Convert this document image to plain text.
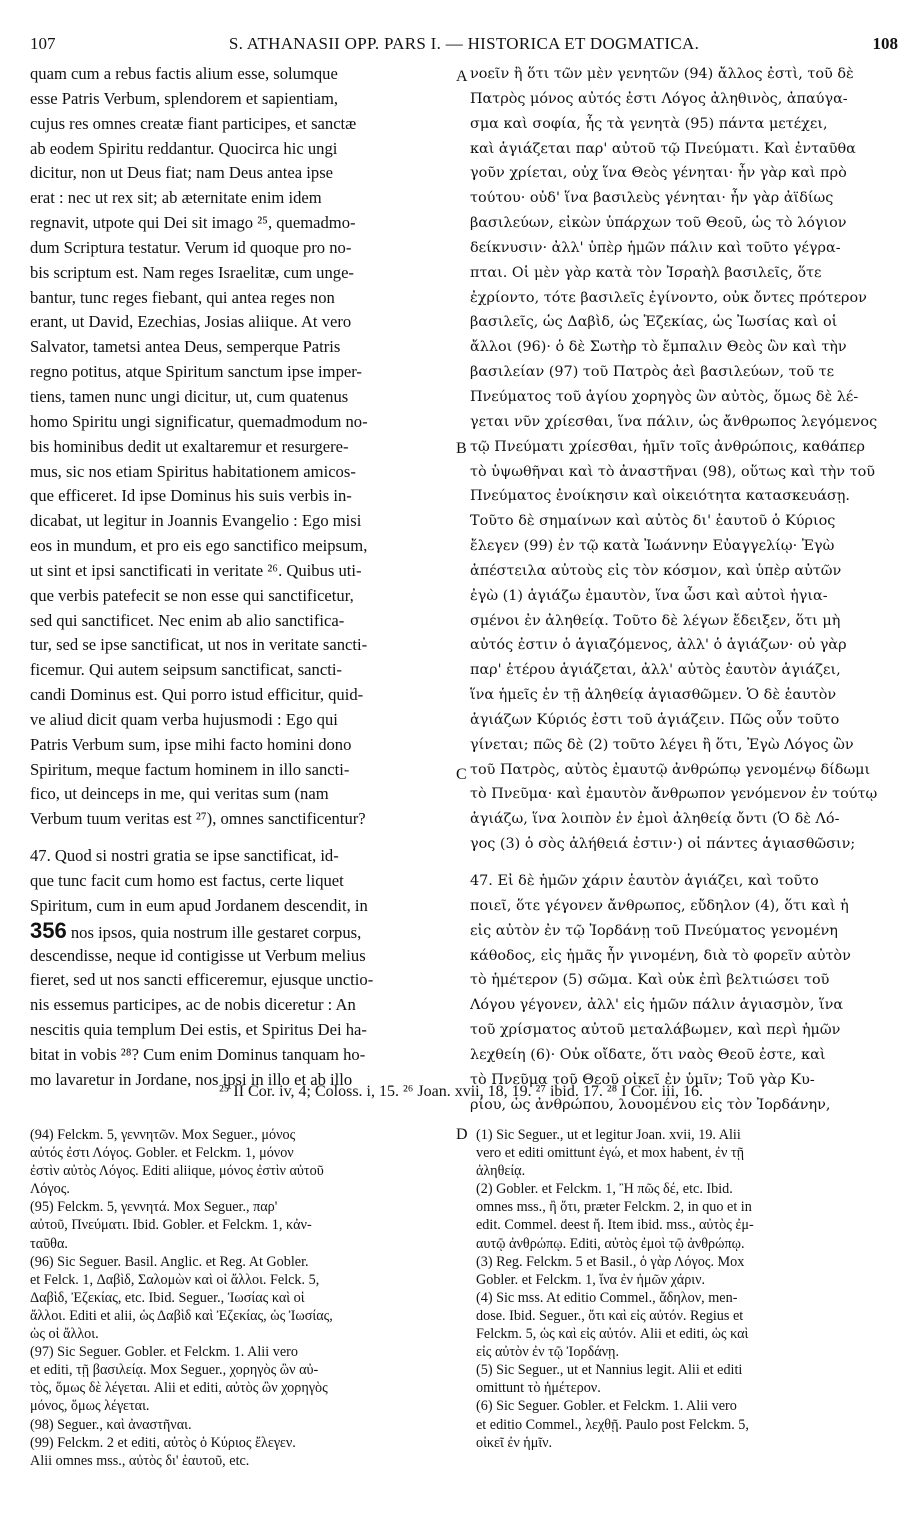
107	S. ATHANASII OPP. PARS I. — HISTORICA ET DOGMATICA.	108
quam cum a rebus factis alium esse, solumque
esse Patris Verbum, splendorem et sapientiam,
cujus res omnes creatæ fiant participes, et sanctæ
ab eodem Spiritu reddantur. Quocirca hic ungi
dicitur, non ut Deus fiat; nam Deus antea ipse
erat : nec ut rex sit; ab æternitate enim idem
regnavit, utpote qui Dei sit imago ²⁵, quemadmo-
dum Scriptura testatur. Verum id quoque pro no-
bis scriptum est. Nam reges Israelitæ, cum unge-
bantur, tunc reges fiebant, qui antea reges non
erant, ut David, Ezechias, Josias aliique. At vero
Salvator, tametsi antea Deus, semperque Patris
regno potitus, atque Spiritum sanctum ipse imper-
tiens, tamen nunc ungi dicitur, ut, cum quatenus
homo Spiritu ungi significatur, quemadmodum no-
bis hominibus dedit ut exaltaremur et resurgere-
mus, sic nos etiam Spiritus habitationem amicos-
que efficeret. Id ipse Dominus his suis verbis in-
dicabat, ut legitur in Joannis Evangelio : Ego misi
eos in mundum, et pro eis ego sanctifico meipsum,
ut sint et ipsi sanctificati in veritate ²⁶. Quibus uti-
que verbis patefecit se non esse qui sanctificetur,
sed qui sanctificet. Nec enim ab alio sanctifica-
tur, sed se ipse sanctificat, ut nos in veritate sancti-
ficemur. Qui autem seipsum sanctificat, sancti-
candi Dominus est. Qui porro istud efficitur, quid-
ve aliud dicit quam verba hujusmodi : Ego qui
Patris Verbum sum, ipse mihi facto homini dono
Spiritum, meque factum hominem in illo sancti-
fico, ut deinceps in me, qui veritas sum (nam
Verbum tuum veritas est ²⁷), omnes sanctificentur?
47. Quod si nostri gratia se ipse sanctificat, id-
que tunc facit cum homo est factus, certe liquet
Spiritum, cum in eum apud Jordanem descendit, in
356 nos ipsos, quia nostrum ille gestaret corpus,
descendisse, neque id contigisse ut Verbum melius
fieret, sed ut nos sancti efficeremur, ejusque unctio-
nis essemus participes, ac de nobis diceretur : An
nescitis quia templum Dei estis, et Spiritus Dei ha-
bitat in vobis ²⁸? Cum enim Dominus tanquam ho-
mo lavaretur in Jordane, nos ipsi in illo et ab illo
νοεῖν ἢ ὅτι τῶν μὲν γενητῶν (94) ἄλλος ἐστὶ, τοῦ δὲ
Πατρὸς μόνος αὐτός ἐστι Λόγος ἀληθινὸς, ἀπαύγα-
σμα καὶ σοφία, ἧς τὰ γενητὰ (95) πάντα μετέχει,
καὶ ἁγιάζεται παρ' αὐτοῦ τῷ Πνεύματι. Καὶ ἐνταῦθα
γοῦν χρίεται, οὐχ ἵνα Θεὸς γένηται· ἦν γὰρ καὶ πρὸ
τούτου· οὐδ' ἵνα βασιλεὺς γένηται· ἦν γὰρ ἀϊδίως
βασιλεύων, εἰκὼν ὑπάρχων τοῦ Θεοῦ, ὡς τὸ λόγιον
δείκνυσιν· ἀλλ' ὑπὲρ ἡμῶν πάλιν καὶ τοῦτο γέγρα-
πται. Οἱ μὲν γὰρ κατὰ τὸν Ἰσραὴλ βασιλεῖς, ὅτε
ἐχρίοντο, τότε βασιλεῖς ἐγίνοντο, οὐκ ὄντες πρότερον
βασιλεῖς, ὡς Δαβὶδ, ὡς Ἐζεκίας, ὡς Ἰωσίας καὶ οἱ
ἄλλοι (96)· ὁ δὲ Σωτὴρ τὸ ἔμπαλιν Θεὸς ὢν καὶ τὴν
βασιλείαν (97) τοῦ Πατρὸς ἀεὶ βασιλεύων, τοῦ τε
Πνεύματος τοῦ ἁγίου χορηγὸς ὢν αὐτὸς, ὅμως δὲ λέ-
γεται νῦν χρίεσθαι, ἵνα πάλιν, ὡς ἄνθρωπος λεγόμενος
τῷ Πνεύματι χρίεσθαι, ἡμῖν τοῖς ἀνθρώποις, καθάπερ
τὸ ὑψωθῆναι καὶ τὸ ἀναστῆναι (98), οὕτως καὶ τὴν τοῦ
Πνεύματος ἐνοίκησιν καὶ οἰκειότητα κατασκευάσῃ.
Τοῦτο δὲ σημαίνων καὶ αὐτὸς δι' ἑαυτοῦ ὁ Κύριος
ἔλεγεν (99) ἐν τῷ κατὰ Ἰωάννην Εὐαγγελίῳ· Ἐγὼ
ἀπέστειλα αὐτοὺς εἰς τὸν κόσμον, καὶ ὑπὲρ αὐτῶν
ἐγὼ (1) ἁγιάζω ἐμαυτὸν, ἵνα ὦσι καὶ αὐτοὶ ἡγια-
σμένοι ἐν ἀληθείᾳ. Τοῦτο δὲ λέγων ἔδειξεν, ὅτι μὴ
αὐτός ἐστιν ὁ ἁγιαζόμενος, ἀλλ' ὁ ἁγιάζων· οὐ γὰρ
παρ' ἑτέρου ἁγιάζεται, ἀλλ' αὐτὸς ἑαυτὸν ἁγιάζει,
ἵνα ἡμεῖς ἐν τῇ ἀληθείᾳ ἁγιασθῶμεν. Ὁ δὲ ἑαυτὸν
ἁγιάζων Κύριός ἐστι τοῦ ἁγιάζειν. Πῶς οὖν τοῦτο
γίνεται; πῶς δὲ (2) τοῦτο λέγει ἢ ὅτι, Ἐγὼ Λόγος ὢν
τοῦ Πατρὸς, αὐτὸς ἐμαυτῷ ἀνθρώπῳ γενομένῳ δίδωμι
τὸ Πνεῦμα· καὶ ἐμαυτὸν ἄνθρωπον γενόμενον ἐν τούτῳ
ἁγιάζω, ἵνα λοιπὸν ἐν ἐμοὶ ἀληθείᾳ ὄντι (Ὁ δὲ Λό-
γος (3) ὁ σὸς ἀλήθειά ἐστιν·) οἱ πάντες ἁγιασθῶσιν;
47. Εἰ δὲ ἡμῶν χάριν ἑαυτὸν ἁγιάζει, καὶ τοῦτο
ποιεῖ, ὅτε γέγονεν ἄνθρωπος, εὔδηλον (4), ὅτι καὶ ἡ
εἰς αὐτὸν ἐν τῷ Ἰορδάνῃ τοῦ Πνεύματος γενομένη
κάθοδος, εἰς ἡμᾶς ἦν γινομένη, διὰ τὸ φορεῖν αὐτὸν
τὸ ἡμέτερον (5) σῶμα. Καὶ οὐκ ἐπὶ βελτιώσει τοῦ
Λόγου γέγονεν, ἀλλ' εἰς ἡμῶν πάλιν ἁγιασμὸν, ἵνα
τοῦ χρίσματος αὐτοῦ μεταλάβωμεν, καὶ περὶ ἡμῶν
λεχθείη (6)· Οὐκ οἴδατε, ὅτι ναὸς Θεοῦ ἐστε, καὶ
τὸ Πνεῦμα τοῦ Θεοῦ οἰκεῖ ἐν ὑμῖν; Τοῦ γὰρ Κυ-
ρίου, ὡς ἀνθρώπου, λουομένου εἰς τὸν Ἰορδάνην,
A
B
C
D
²⁵ II Cor. iv, 4; Coloss. i, 15. ²⁶ Joan. xvii, 18, 19. ²⁷ ibid. 17. ²⁸ I Cor. iii, 16.
(94) Felckm. 5, γεννητῶν. Mox Seguer., μόνος
αὐτός ἐστι Λόγος. Gobler. et Felckm. 1, μόνον
ἐστὶν αὐτὸς Λόγος. Editi aliique, μόνος ἐστὶν αὐτοῦ
Λόγος.
(95) Felckm. 5, γεννητά. Mox Seguer., παρ'
αὐτοῦ, Πνεύματι. Ibid. Gobler. et Felckm. 1, κἀν-
ταῦθα.
(96) Sic Seguer. Basil. Anglic. et Reg. At Gobler.
et Felck. 1, Δαβὶδ, Σαλομὼν καὶ οἱ ἄλλοι. Felck. 5,
Δαβὶδ, Ἐζεκίας, etc. Ibid. Seguer., Ἰωσίας καὶ οἱ
ἄλλοι. Editi et alii, ὡς Δαβὶδ καὶ Ἐζεκίας, ὡς Ἰωσίας,
ὡς οἱ ἄλλοι.
(97) Sic Seguer. Gobler. et Felckm. 1. Alii vero
et editi, τῇ βασιλείᾳ. Mox Seguer., χορηγὸς ὢν αὐ-
τὸς, ὅμως δὲ λέγεται. Alii et editi, αὐτὸς ὢν χορηγὸς
μόνος, ὅμως λέγεται.
(98) Seguer., καὶ ἀναστῆναι.
(99) Felckm. 2 et editi, αὐτὸς ὁ Κύριος ἔλεγεν.
Alii omnes mss., αὐτὸς δι' ἑαυτοῦ, etc.
(1) Sic Seguer., ut et legitur Joan. xvii, 19. Alii
vero et editi omittunt ἐγώ, et mox habent, ἐν τῇ
ἀληθείᾳ.
(2) Gobler. et Felckm. 1, Ἢ πῶς δέ, etc. Ibid.
omnes mss., ἢ ὅτι, præter Felckm. 2, in quo et in
edit. Commel. deest ἤ. Item ibid. mss., αὐτὸς ἐμ-
αυτῷ ἀνθρώπῳ. Editi, αὐτὸς ἐμοὶ τῷ ἀνθρώπῳ.
(3) Reg. Felckm. 5 et Basil., ὁ γὰρ Λόγος. Mox
Gobler. et Felckm. 1, ἵνα ἐν ἡμῶν χάριν.
(4) Sic mss. At editio Commel., ἄδηλον, men-
dose. Ibid. Seguer., ὅτι καὶ εἰς αὐτόν. Regius et
Felckm. 5, ὡς καὶ εἰς αὐτόν. Alii et editi, ὡς καὶ
εἰς αὐτὸν ἐν τῷ Ἰορδάνῃ.
(5) Sic Seguer., ut et Nannius legit. Alii et editi
omittunt τὸ ἡμέτερον.
(6) Sic Seguer. Gobler. et Felckm. 1. Alii vero
et editio Commel., λεχθῇ. Paulo post Felckm. 5,
οἰκεῖ ἐν ἡμῖν.
